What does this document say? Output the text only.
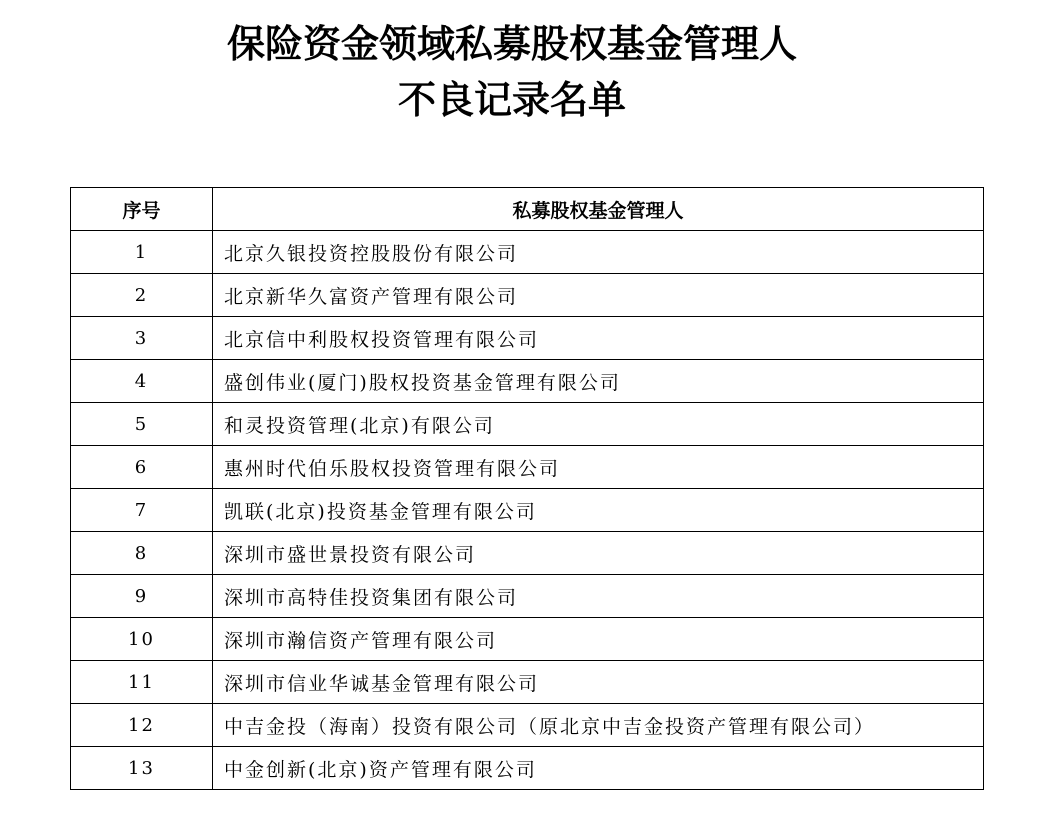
保险资金领域私募股权基金管理人
不良记录名单
序号	私募股权基金管理人
1	北京久银投资控股股份有限公司
2	北京新华久富资产管理有限公司
3	北京信中利股权投资管理有限公司
4	盛创伟业(厦门)股权投资基金管理有限公司
5	和灵投资管理(北京)有限公司
6	惠州时代伯乐股权投资管理有限公司
7	凯联(北京)投资基金管理有限公司
8	深圳市盛世景投资有限公司
9	深圳市高特佳投资集团有限公司
10	深圳市瀚信资产管理有限公司
11	深圳市信业华诚基金管理有限公司
12	中吉金投（海南）投资有限公司（原北京中吉金投资产管理有限公司）
13	中金创新(北京)资产管理有限公司
